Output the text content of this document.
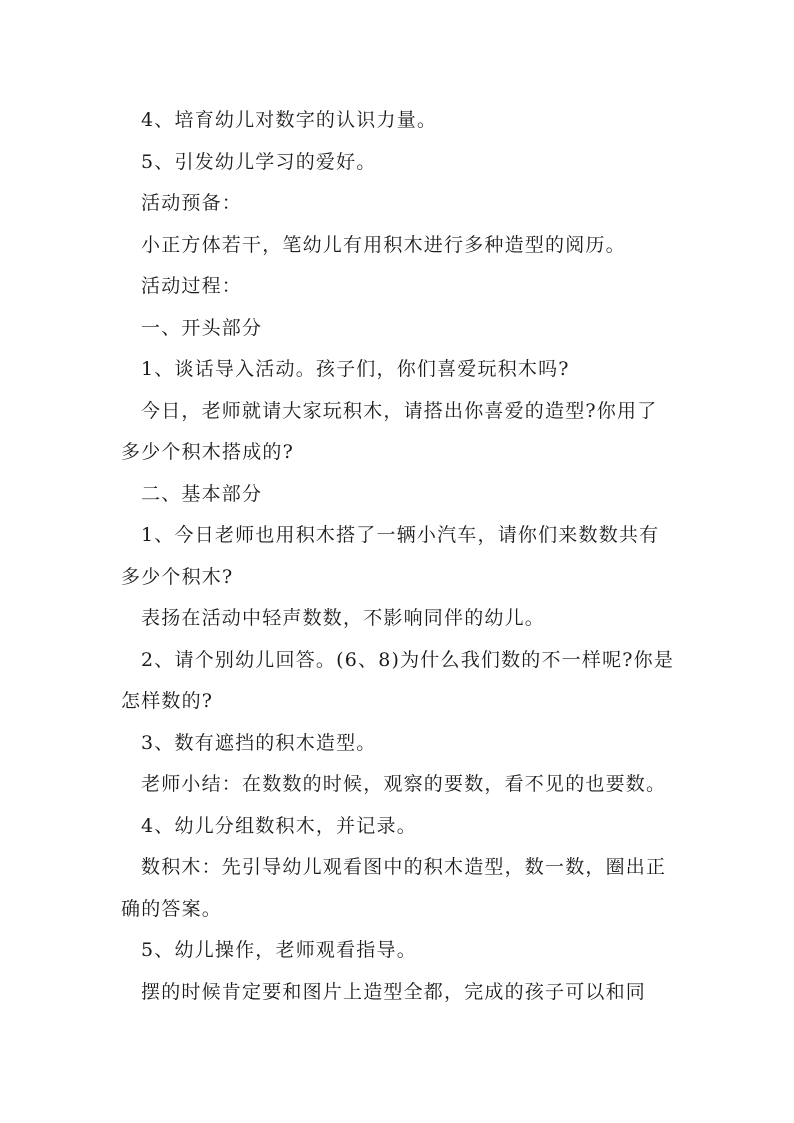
4、培育幼儿对数字的认识力量。

5、引发幼儿学习的爱好。

活动预备：

小正方体若干，笔幼儿有用积木进行多种造型的阅历。

活动过程：

一、开头部分

1、谈话导入活动。孩子们，你们喜爱玩积木吗?

今日，老师就请大家玩积木，请搭出你喜爱的造型?你用了多少个积木搭成的?

二、基本部分

1、今日老师也用积木搭了一辆小汽车，请你们来数数共有多少个积木?

表扬在活动中轻声数数，不影响同伴的幼儿。

2、请个别幼儿回答。(6、8)为什么我们数的不一样呢?你是怎样数的?

3、数有遮挡的积木造型。

老师小结：在数数的时候，观察的要数，看不见的也要数。

4、幼儿分组数积木，并记录。

数积木：先引导幼儿观看图中的积木造型，数一数，圈出正确的答案。

5、幼儿操作，老师观看指导。

摆的时候肯定要和图片上造型全都，完成的孩子可以和同
